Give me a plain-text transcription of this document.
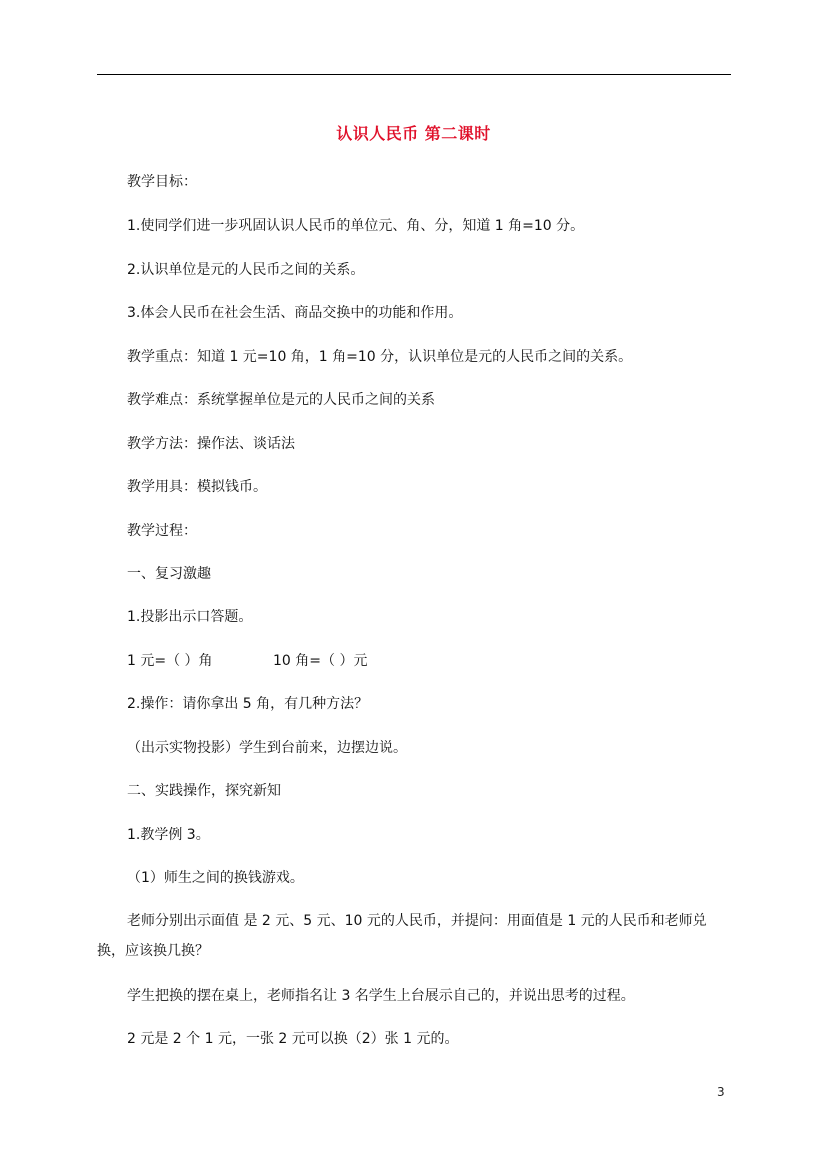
认识人民币 第二课时
教学目标：
1.使同学们进一步巩固认识人民币的单位元、角、分，知道 1 角=10 分。
2.认识单位是元的人民币之间的关系。
3.体会人民币在社会生活、商品交换中的功能和作用。
教学重点：知道 1 元=10 角，1 角=10 分，认识单位是元的人民币之间的关系。
教学难点：系统掌握单位是元的人民币之间的关系
教学方法：操作法、谈话法
教学用具：模拟钱币。
教学过程：
一、复习激趣
1.投影出示口答题。
1 元=（ ）角	10 角=（ ）元
2.操作：请你拿出 5 角，有几种方法？
（出示实物投影）学生到台前来，边摆边说。
二、实践操作，探究新知
1.教学例 3。
（1）师生之间的换钱游戏。
老师分别出示面值 是 2 元、5 元、10 元的人民币，并提问：用面值是 1 元的人民币和老师兑换，应该换几换？
学生把换的摆在桌上，老师指名让 3 名学生上台展示自己的，并说出思考的过程。
2 元是 2 个 1 元，一张 2 元可以换（2）张 1 元的。
3
